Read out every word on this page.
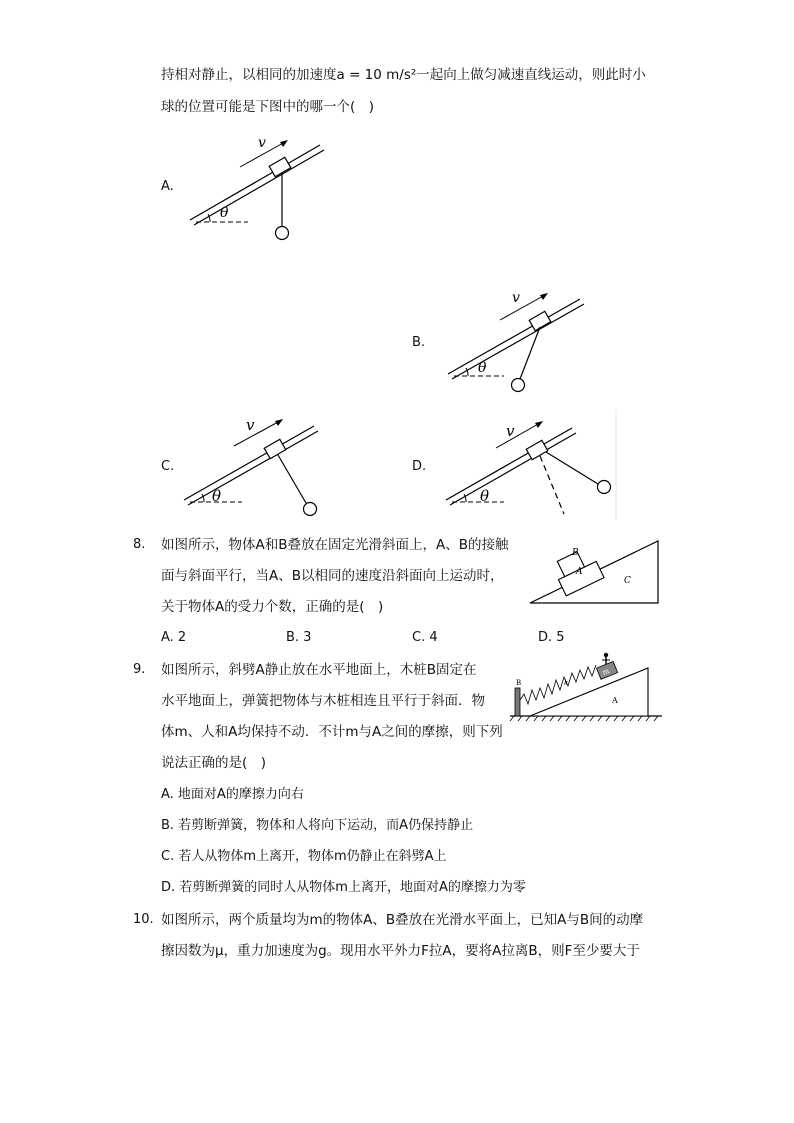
持相对静止，以相同的加速度a = 10 m/s²一起向上做匀减速直线运动，则此时小
球的位置可能是下图中的哪一个(　)
A.
v
θ
B.
v
θ
C.
v
θ
D.
v
θ
8. 如图所示，物体A和B叠放在固定光滑斜面上，A、B的接触
面与斜面平行，当A、B以相同的速度沿斜面向上运动时，
关于物体A的受力个数，正确的是(　)
A. 2	B. 3	C. 4	D. 5
A
B
C
9. 如图所示，斜劈A静止放在水平地面上，木桩B固定在
水平地面上，弹簧把物体与木桩相连且平行于斜面．物
体m、人和A均保持不动．不计m与A之间的摩擦，则下列
说法正确的是(　)
A. 地面对A的摩擦力向右
B. 若剪断弹簧，物体和人将向下运动，而A仍保持静止
C. 若人从物体m上离开，物体m仍静止在斜劈A上
D. 若剪断弹簧的同时人从物体m上离开，地面对A的摩擦力为零
B	k
m
A
10. 如图所示，两个质量均为m的物体A、B叠放在光滑水平面上，已知A与B间的动摩
擦因数为μ，重力加速度为g。现用水平外力F拉A，要将A拉离B，则F至少要大于
